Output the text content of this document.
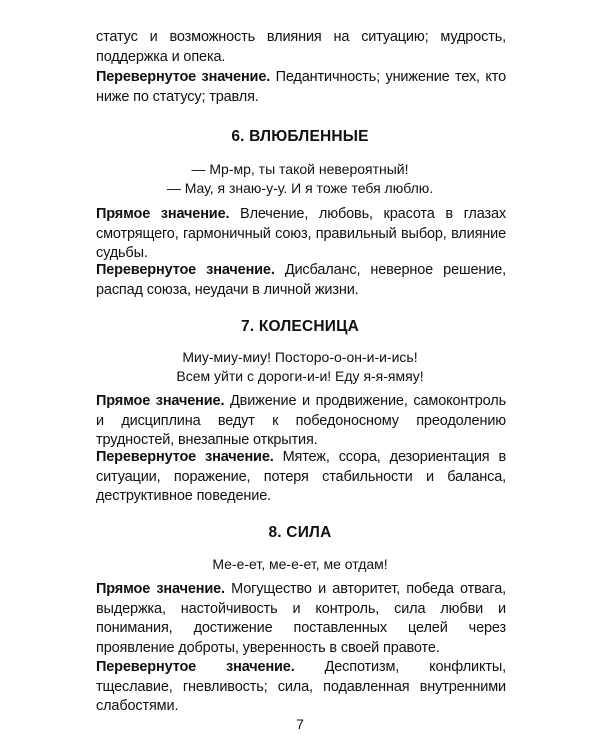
статус и возможность влияния на ситуацию; мудрость, поддержка и опека.

Перевернутое значение. Педантичность; унижение тех, кто ниже по статусу; травля.

6. ВЛЮБЛЕННЫЕ
— Мр-мр, ты такой невероятный!
— Мау, я знаю-у-у. И я тоже тебя люблю.

Прямое значение. Влечение, любовь, красота в глазах смотрящего, гармоничный союз, правильный выбор, влияние судьбы.

Перевернутое значение. Дисбаланс, неверное решение, распад союза, неудачи в личной жизни.

7. КОЛЕСНИЦА
Миу-миу-миу! Посторо-о-он-и-и-ись!
Всем уйти с дороги-и-и! Еду я-я-ямяу!

Прямое значение. Движение и продвижение, самоконтроль и дисциплина ведут к победоносному преодолению трудностей, внезапные открытия.

Перевернутое значение. Мятеж, ссора, дезориентация в ситуации, поражение, потеря стабильности и баланса, деструктивное поведение.

8. СИЛА
Ме-е-ет, ме-е-ет, ме отдам!

Прямое значение. Могущество и авторитет, победа отвага, выдержка, настойчивость и контроль, сила любви и понимания, достижение поставленных целей через проявление доброты, уверенность в своей правоте.

Перевернутое значение. Деспотизм, конфликты, тщеславие, гневливость; сила, подавленная внутренними слабостями.

7
